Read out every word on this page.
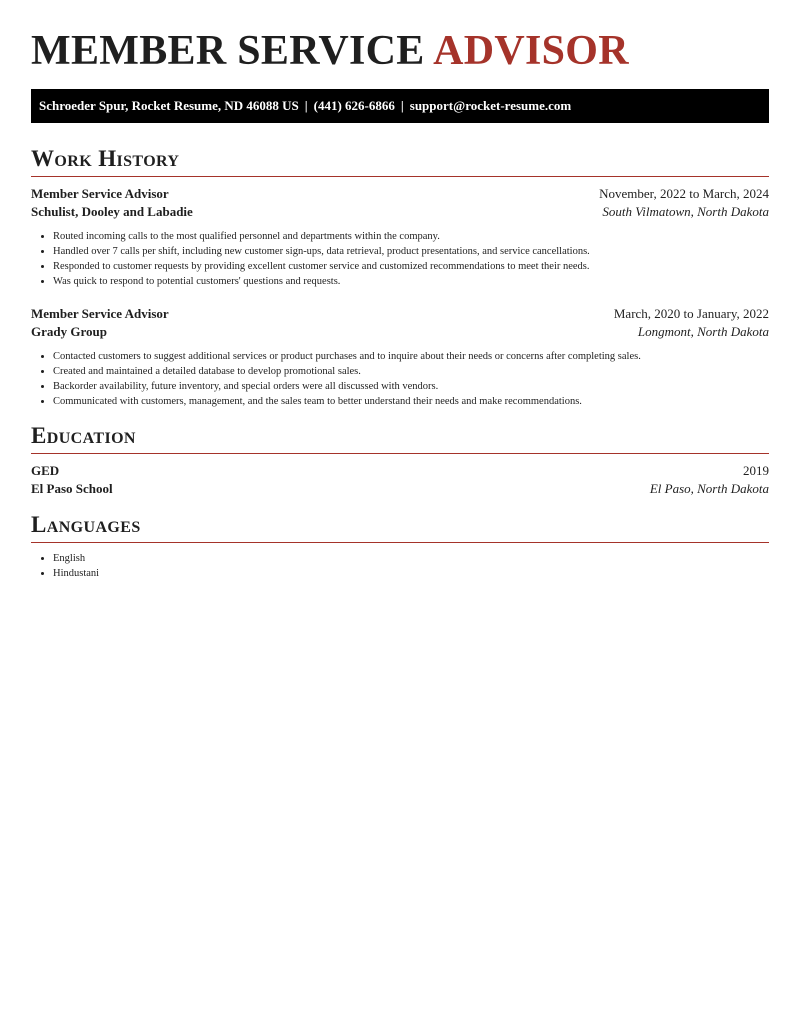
MEMBER SERVICE ADVISOR
Schroeder Spur, Rocket Resume, ND 46088 US | (441) 626-6866 | support@rocket-resume.com
Work History
Member Service Advisor	November, 2022 to March, 2024
Schulist, Dooley and Labadie	South Vilmatown, North Dakota
• Routed incoming calls to the most qualified personnel and departments within the company.
• Handled over 7 calls per shift, including new customer sign-ups, data retrieval, product presentations, and service cancellations.
• Responded to customer requests by providing excellent customer service and customized recommendations to meet their needs.
• Was quick to respond to potential customers' questions and requests.
Member Service Advisor	March, 2020 to January, 2022
Grady Group	Longmont, North Dakota
• Contacted customers to suggest additional services or product purchases and to inquire about their needs or concerns after completing sales.
• Created and maintained a detailed database to develop promotional sales.
• Backorder availability, future inventory, and special orders were all discussed with vendors.
• Communicated with customers, management, and the sales team to better understand their needs and make recommendations.
Education
GED	2019
El Paso School	El Paso, North Dakota
Languages
• English
• Hindustani
